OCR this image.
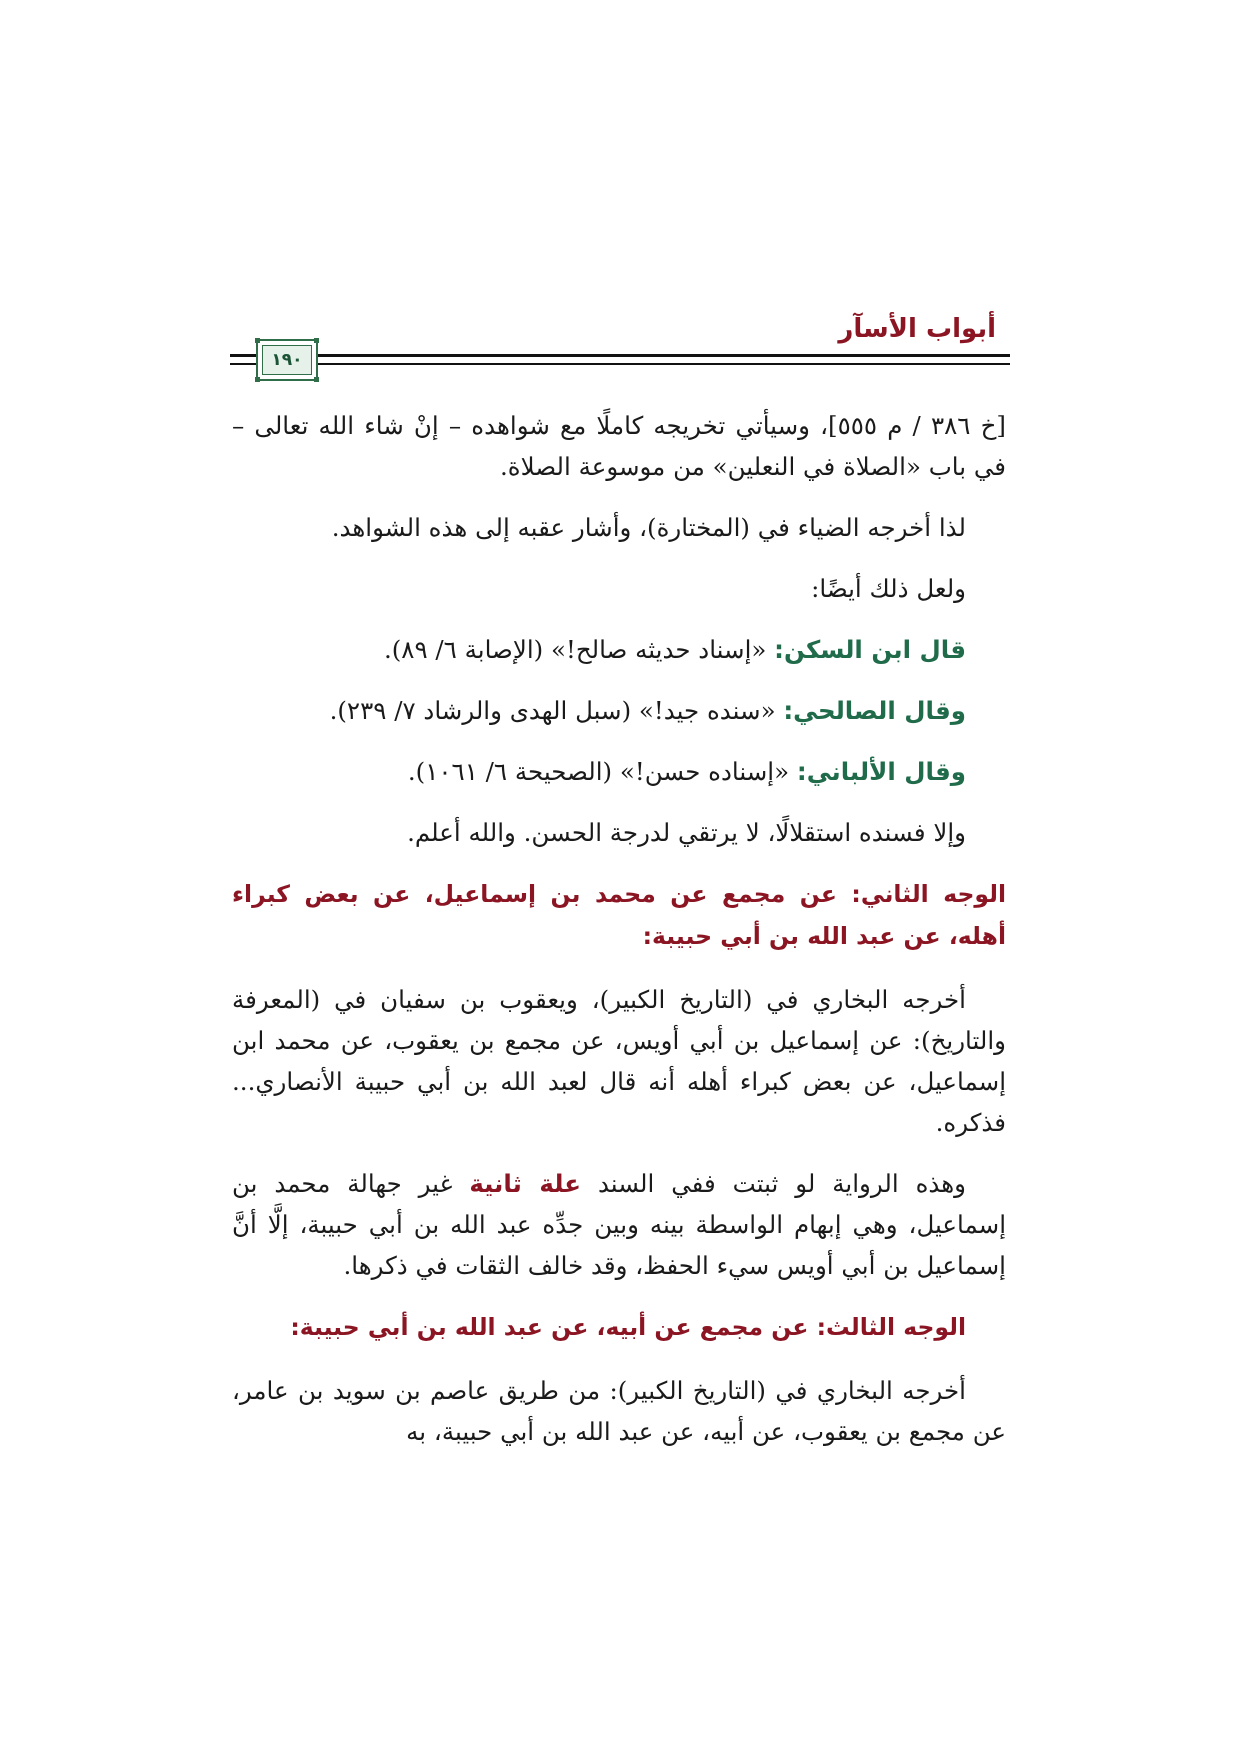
أبواب الأسآر
١٩٠

[خ ٣٨٦ / م ٥٥٥]، وسيأتي تخريجه كاملًا مع شواهده – إنْ شاء الله تعالى – في باب «الصلاة في النعلين» من موسوعة الصلاة.

لذا أخرجه الضياء في (المختارة)، وأشار عقبه إلى هذه الشواهد.

ولعل ذلك أيضًا:

قال ابن السكن: «إسناد حديثه صالح!» (الإصابة ٦/ ٨٩).

وقال الصالحي: «سنده جيد!» (سبل الهدى والرشاد ٧/ ٢٣٩).

وقال الألباني: «إسناده حسن!» (الصحيحة ٦/ ١٠٦١).

وإلا فسنده استقلالًا، لا يرتقي لدرجة الحسن. والله أعلم.

الوجه الثاني: عن مجمع عن محمد بن إسماعيل، عن بعض كبراء أهله، عن عبد الله بن أبي حبيبة:

أخرجه البخاري في (التاريخ الكبير)، ويعقوب بن سفيان في (المعرفة والتاريخ): عن إسماعيل بن أبي أويس، عن مجمع بن يعقوب، عن محمد ابن إسماعيل، عن بعض كبراء أهله أنه قال لعبد الله بن أبي حبيبة الأنصاري... فذكره.

وهذه الرواية لو ثبتت ففي السند علة ثانية غير جهالة محمد بن إسماعيل، وهي إبهام الواسطة بينه وبين جدِّه عبد الله بن أبي حبيبة، إلَّا أنَّ إسماعيل بن أبي أويس سيء الحفظ، وقد خالف الثقات في ذكرها.

الوجه الثالث: عن مجمع عن أبيه، عن عبد الله بن أبي حبيبة:

أخرجه البخاري في (التاريخ الكبير): من طريق عاصم بن سويد بن عامر، عن مجمع بن يعقوب، عن أبيه، عن عبد الله بن أبي حبيبة، به
